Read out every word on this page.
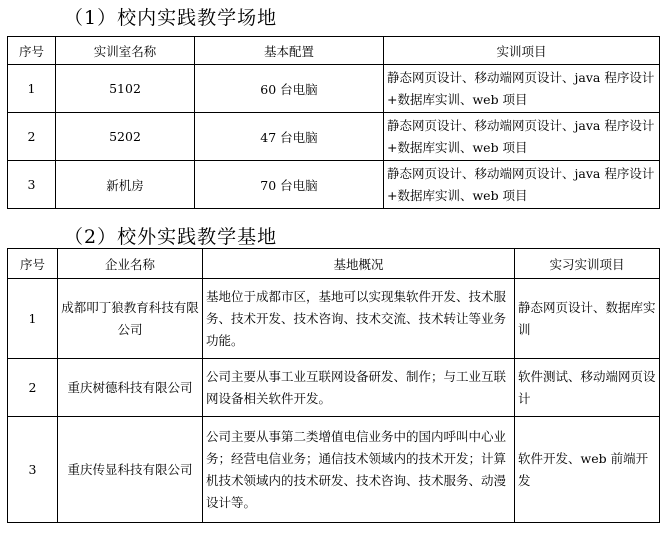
（1）校内实践教学场地
序号	实训室名称	基本配置	实训项目
1	5102	60 台电脑	静态网页设计、移动端网页设计、java 程序设计+数据库实训、web 项目
2	5202	47 台电脑	静态网页设计、移动端网页设计、java 程序设计+数据库实训、web 项目
3	新机房	70 台电脑	静态网页设计、移动端网页设计、java 程序设计+数据库实训、web 项目
（2）校外实践教学基地
序号	企业名称	基地概况	实习实训项目
1	成都叩丁狼教育科技有限公司	基地位于成都市区，基地可以实现集软件开发、技术服务、技术开发、技术咨询、技术交流、技术转让等业务功能。	静态网页设计、数据库实训
2	重庆树德科技有限公司	公司主要从事工业互联网设备研发、制作；与工业互联网设备相关软件开发。	软件测试、移动端网页设计
3	重庆传显科技有限公司	公司主要从事第二类增值电信业务中的国内呼叫中心业务；经营电信业务；通信技术领域内的技术开发；计算机技术领域内的技术研发、技术咨询、技术服务、动漫设计等。	软件开发、web 前端开发
